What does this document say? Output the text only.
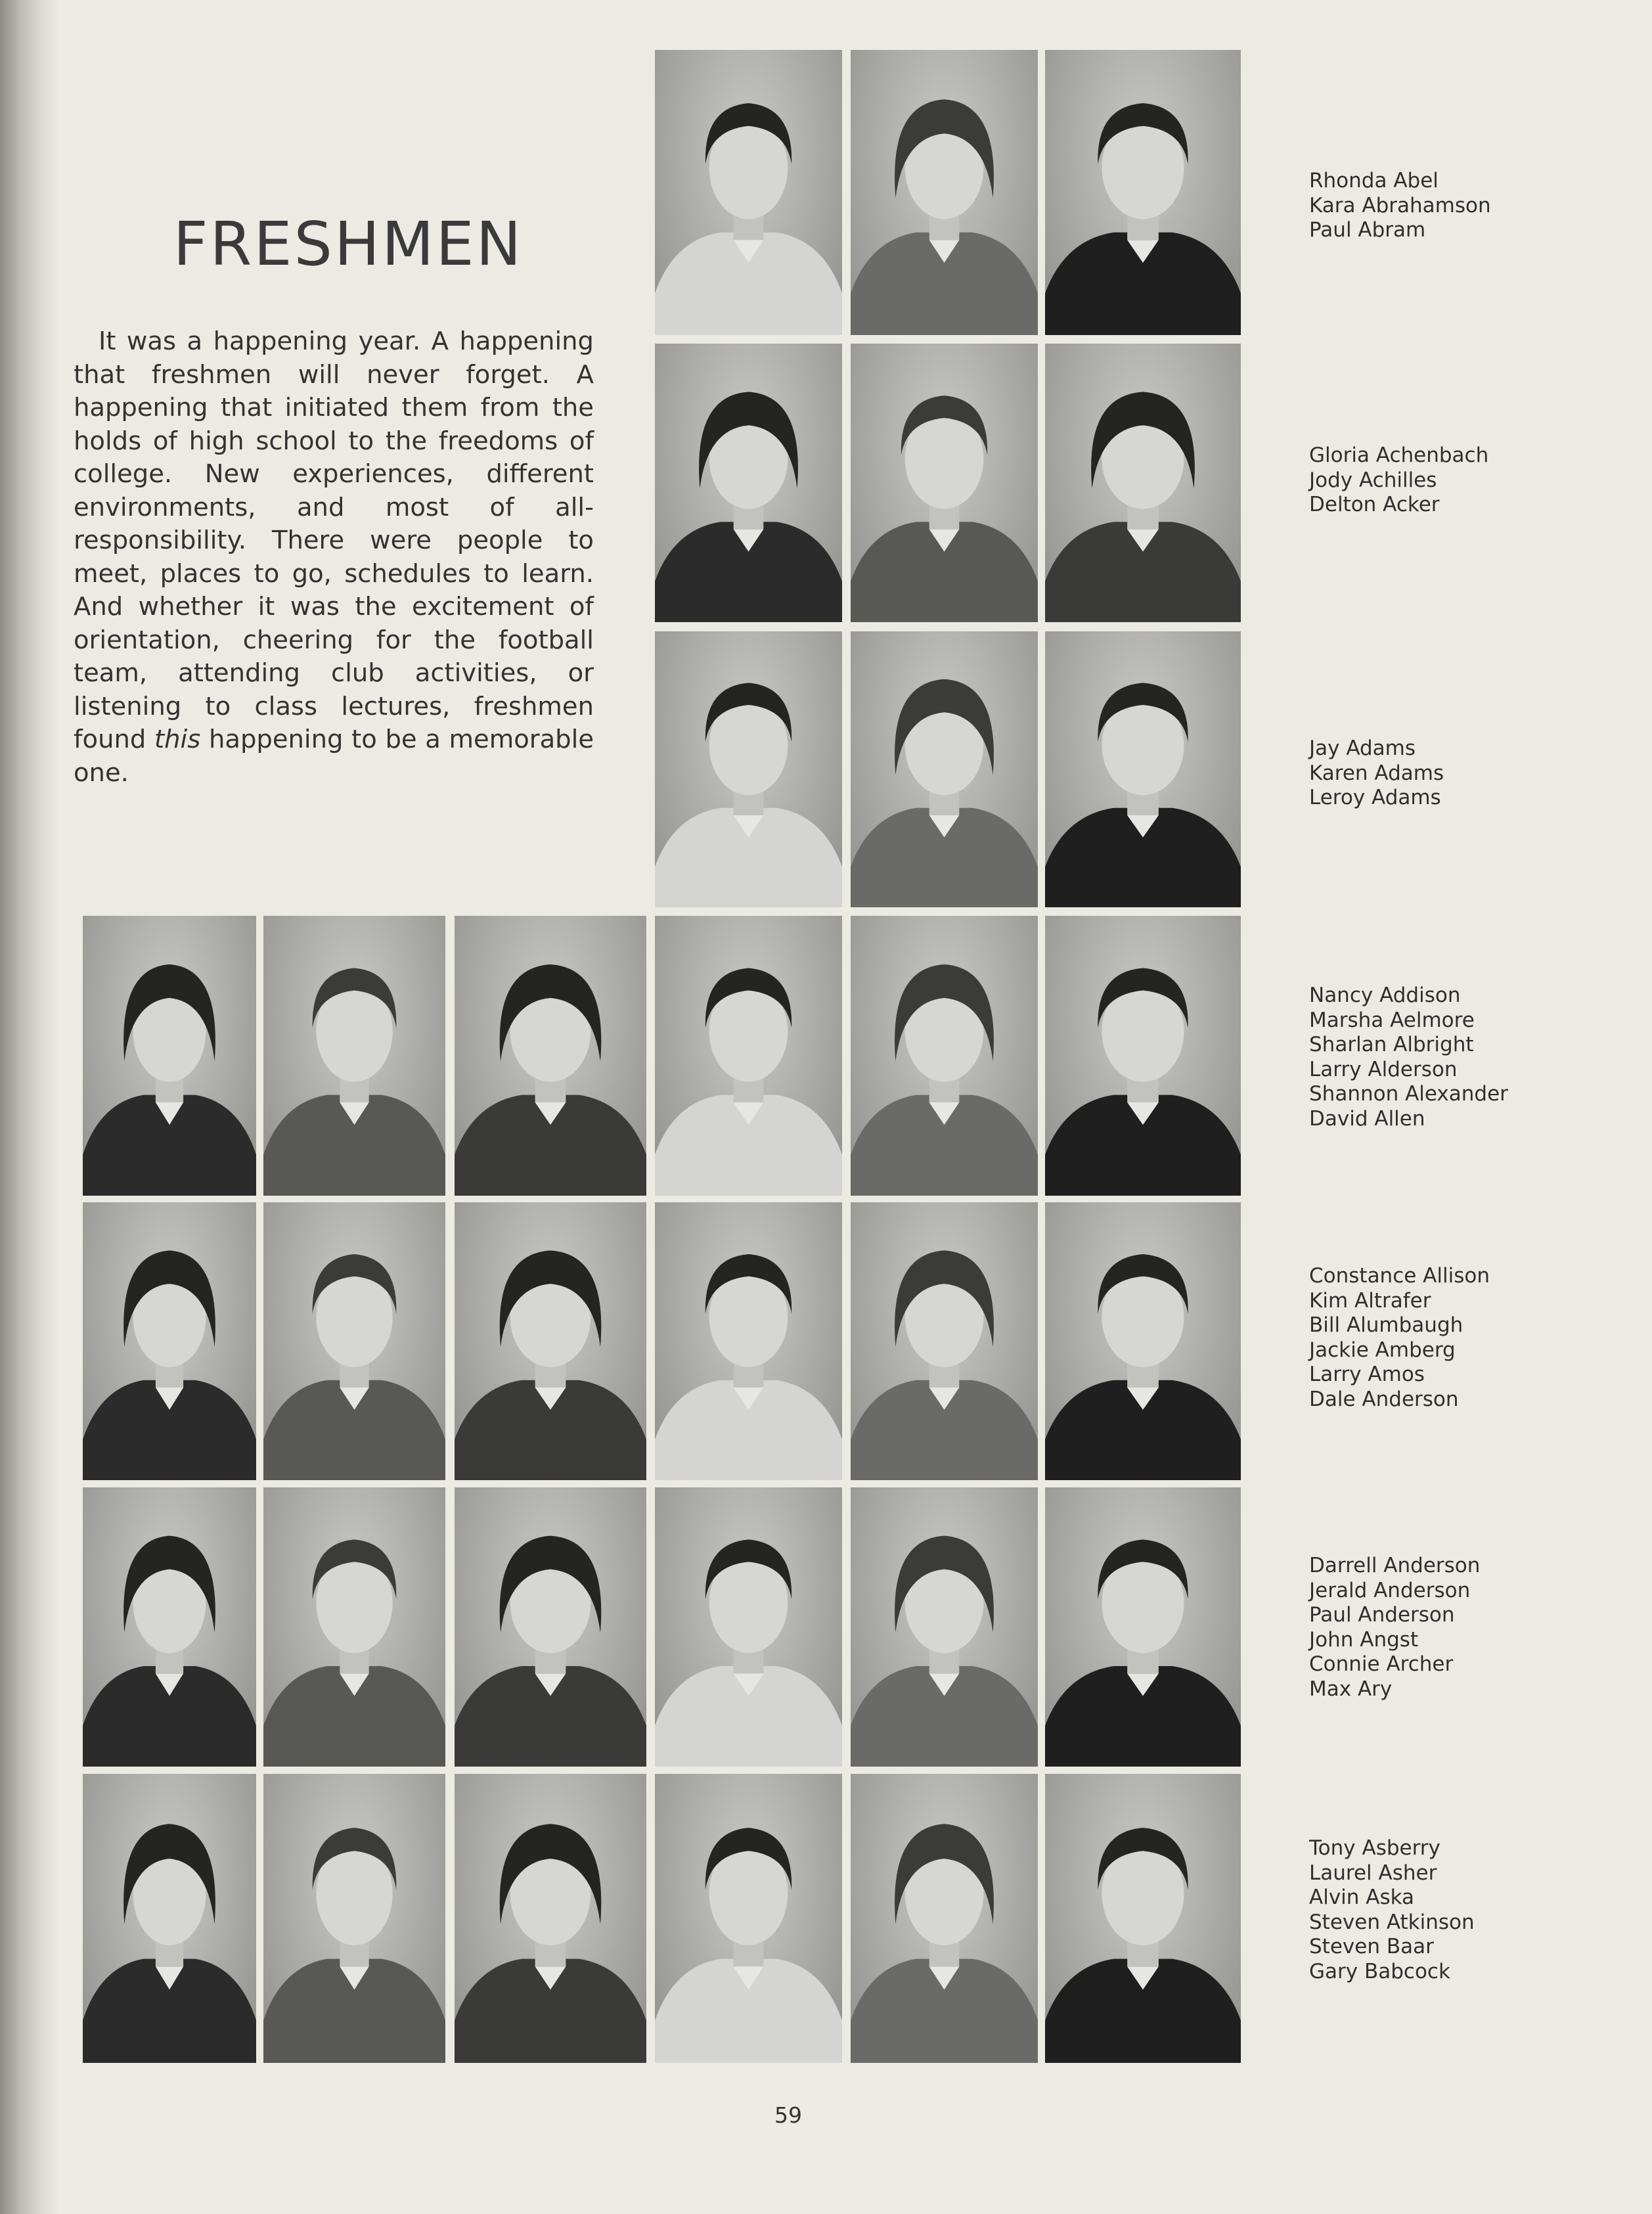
FRESHMEN

It was a happening year. A happening that freshmen will never forget. A happening that initiated them from the holds of high school to the freedoms of college. New experiences, different environments, and most of all-responsibility. There were people to meet, places to go, schedules to learn. And whether it was the excitement of orientation, cheering for the football team, attending club activities, or listening to class lectures, freshmen found this happening to be a memorable one.

Rhonda Abel
Kara Abrahamson
Paul Abram

Gloria Achenbach
Jody Achilles
Delton Acker

Jay Adams
Karen Adams
Leroy Adams

Nancy Addison
Marsha Aelmore
Sharlan Albright
Larry Alderson
Shannon Alexander
David Allen

Constance Allison
Kim Altrafer
Bill Alumbaugh
Jackie Amberg
Larry Amos
Dale Anderson

Darrell Anderson
Jerald Anderson
Paul Anderson
John Angst
Connie Archer
Max Ary

Tony Asberry
Laurel Asher
Alvin Aska
Steven Atkinson
Steven Baar
Gary Babcock

59
